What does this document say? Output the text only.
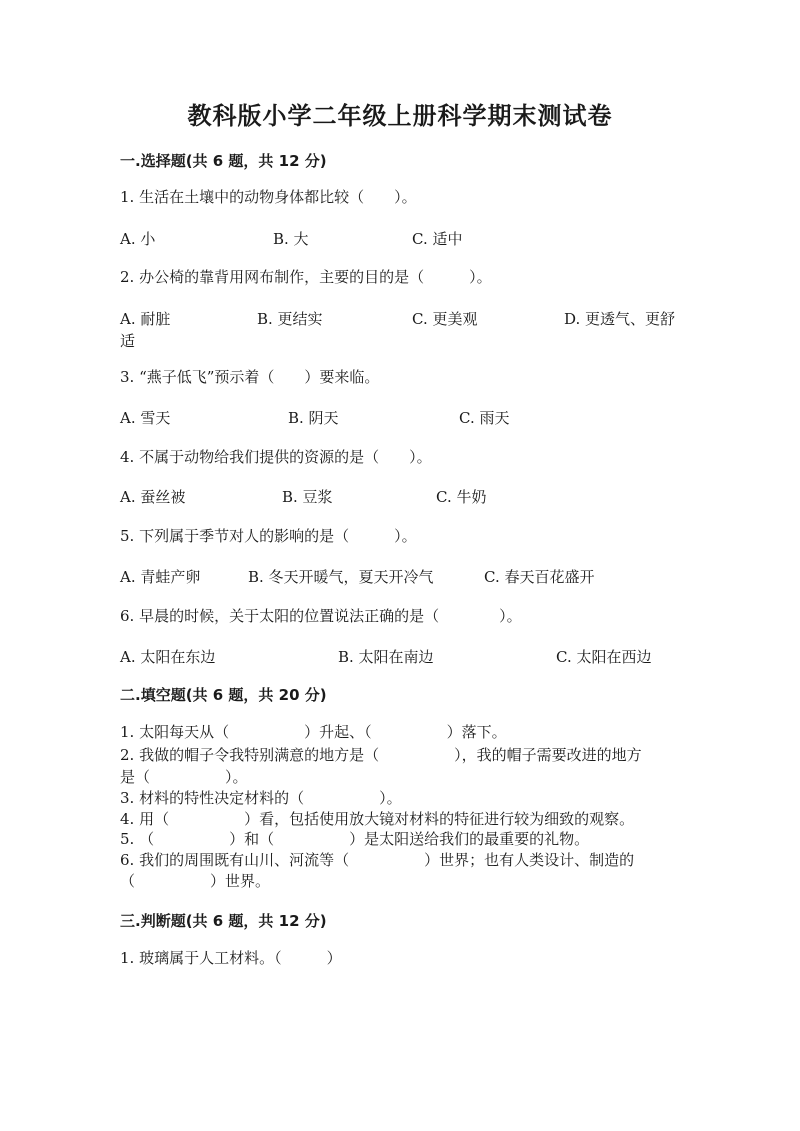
教科版小学二年级上册科学期末测试卷
一.选择题(共 6 题，共 12 分)
1. 生活在土壤中的动物身体都比较（　　）。
A. 小	B. 大	C. 适中
2. 办公椅的靠背用网布制作，主要的目的是（　　　）。
A. 耐脏	B. 更结实	C. 更美观	D. 更透气、更舒
适
3. “燕子低飞”预示着（　　）要来临。
A. 雪天	B. 阴天	C. 雨天
4. 不属于动物给我们提供的资源的是（　　）。
A. 蚕丝被	B. 豆浆	C. 牛奶
5. 下列属于季节对人的影响的是（　　　）。
A. 青蛙产卵	B. 冬天开暖气，夏天开冷气	C. 春天百花盛开
6. 早晨的时候，关于太阳的位置说法正确的是（　　　　）。
A. 太阳在东边	B. 太阳在南边	C. 太阳在西边
二.填空题(共 6 题，共 20 分)
1. 太阳每天从（　　　　　）升起、（　　　　　）落下。
2. 我做的帽子令我特别满意的地方是（　　　　　），我的帽子需要改进的地方
是（　　　　　）。
3. 材料的特性决定材料的（　　　　　）。
4. 用（　　　　　）看，包括使用放大镜对材料的特征进行较为细致的观察。
5. （　　　　　）和（　　　　　）是太阳送给我们的最重要的礼物。
6. 我们的周围既有山川、河流等（　　　　　）世界；也有人类设计、制造的
（　　　　　）世界。
三.判断题(共 6 题，共 12 分)
1. 玻璃属于人工材料。（　　　）
